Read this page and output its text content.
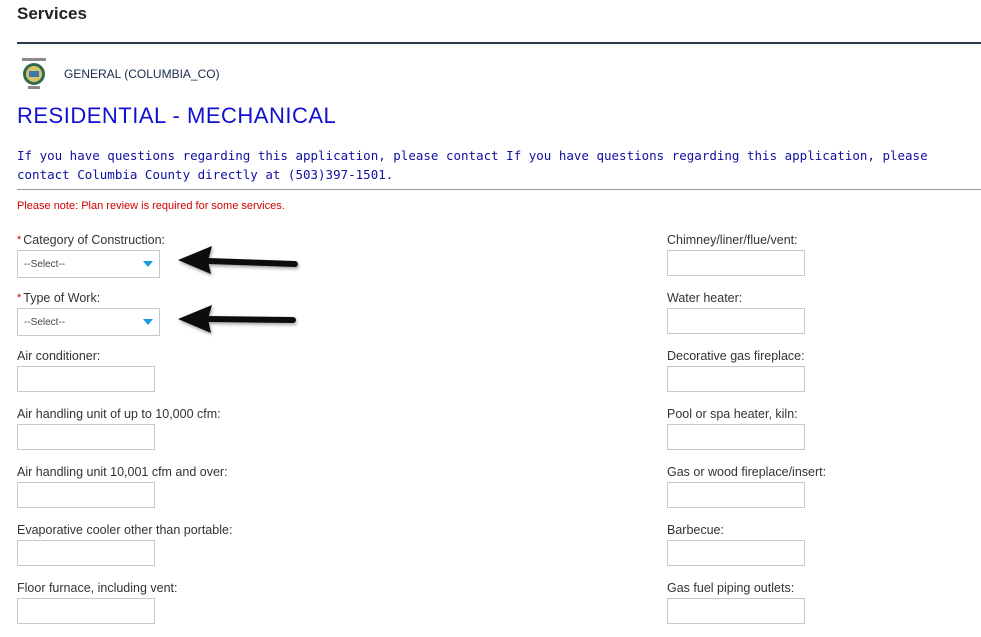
Services
GENERAL (COLUMBIA_CO)
RESIDENTIAL - MECHANICAL
If you have questions regarding this application, please contact If you have questions regarding this application, please contact Columbia County directly at (503)397-1501.
Please note: Plan review is required for some services.
* Category of Construction:
--Select--
* Type of Work:
--Select--
Air conditioner:
Air handling unit of up to 10,000 cfm:
Air handling unit 10,001 cfm and over:
Evaporative cooler other than portable:
Floor furnace, including vent:
Chimney/liner/flue/vent:
Water heater:
Decorative gas fireplace:
Pool or spa heater, kiln:
Gas or wood fireplace/insert:
Barbecue:
Gas fuel piping outlets:
